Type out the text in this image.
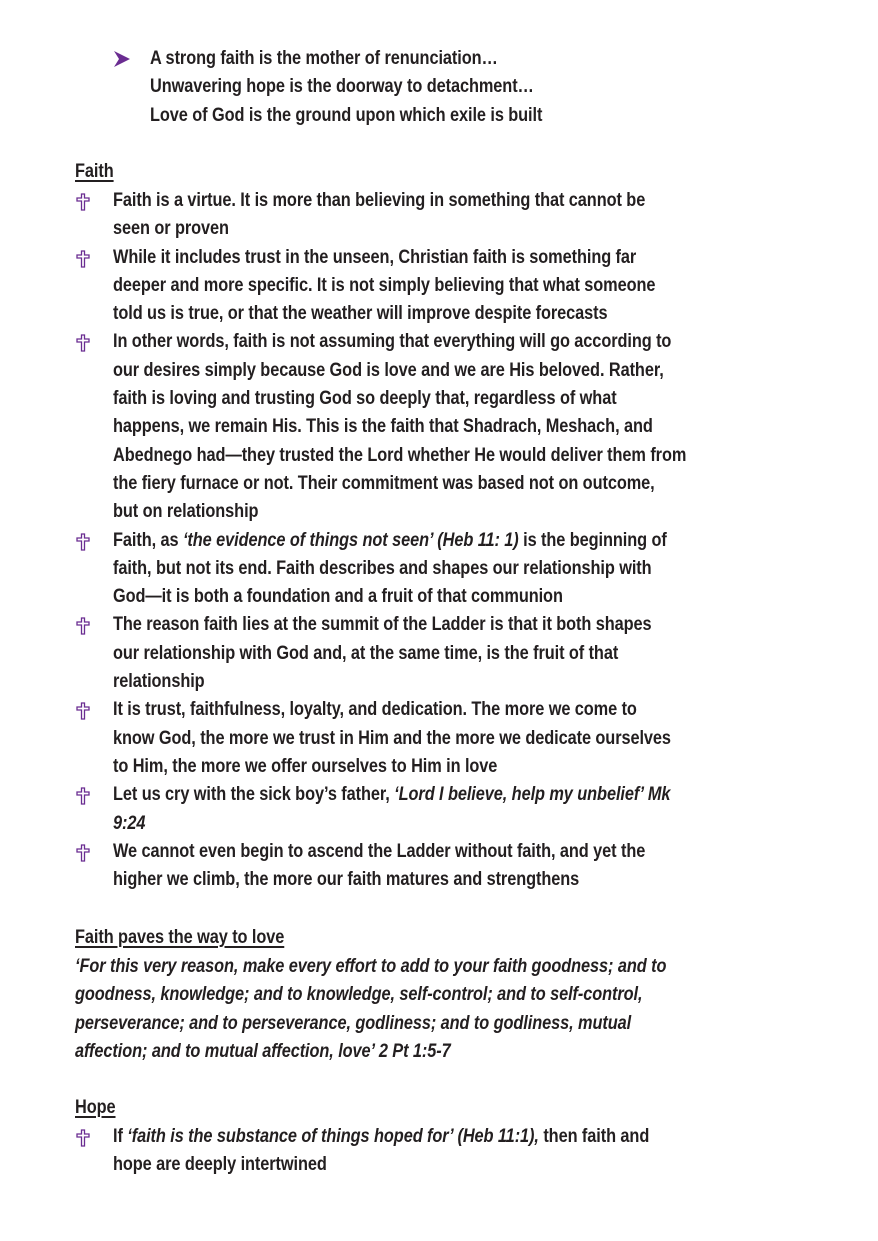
A strong faith is the mother of renunciation…
Unwavering hope is the doorway to detachment…
Love of God is the ground upon which exile is built
Faith
Faith is a virtue. It is more than believing in something that cannot be
seen or proven
While it includes trust in the unseen, Christian faith is something far
deeper and more specific. It is not simply believing that what someone
told us is true, or that the weather will improve despite forecasts
In other words, faith is not assuming that everything will go according to
our desires simply because God is love and we are His beloved. Rather,
faith is loving and trusting God so deeply that, regardless of what
happens, we remain His. This is the faith that Shadrach, Meshach, and
Abednego had—they trusted the Lord whether He would deliver them from
the fiery furnace or not. Their commitment was based not on outcome,
but on relationship
Faith, as ‘the evidence of things not seen’ (Heb 11: 1) is the beginning of
faith, but not its end. Faith describes and shapes our relationship with
God—it is both a foundation and a fruit of that communion
The reason faith lies at the summit of the Ladder is that it both shapes
our relationship with God and, at the same time, is the fruit of that
relationship
It is trust, faithfulness, loyalty, and dedication. The more we come to
know God, the more we trust in Him and the more we dedicate ourselves
to Him, the more we offer ourselves to Him in love
Let us cry with the sick boy’s father, ‘Lord I believe, help my unbelief’ Mk
9:24
We cannot even begin to ascend the Ladder without faith, and yet the
higher we climb, the more our faith matures and strengthens
Faith paves the way to love
‘For this very reason, make every effort to add to your faith goodness; and to
goodness, knowledge; and to knowledge, self-control; and to self-control,
perseverance; and to perseverance, godliness; and to godliness, mutual
affection; and to mutual affection, love’ 2 Pt 1:5-7
Hope
If ‘faith is the substance of things hoped for’ (Heb 11:1), then faith and
hope are deeply intertwined
